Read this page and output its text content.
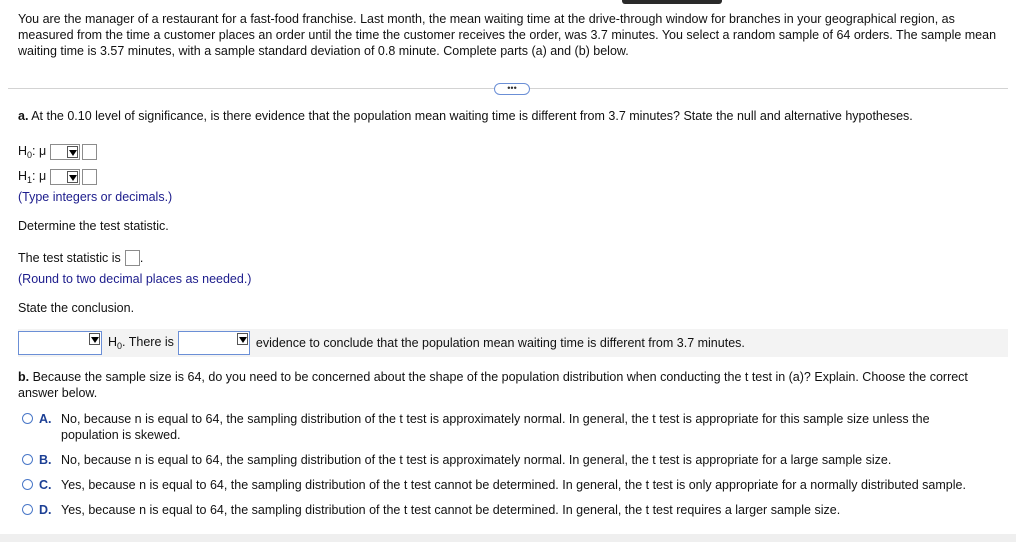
You are the manager of a restaurant for a fast-food franchise. Last month, the mean waiting time at the drive-through window for branches in your geographical region, as measured from the time a customer places an order until the time the customer receives the order, was 3.7 minutes. You select a random sample of 64 orders. The sample mean waiting time is 3.57 minutes, with a sample standard deviation of 0.8 minute. Complete parts (a) and (b) below.
•••
a. At the 0.10 level of significance, is there evidence that the population mean waiting time is different from 3.7 minutes? State the null and alternative hypotheses.
$H_0$: μ
$H_1$: μ
(Type integers or decimals.)
Determine the test statistic.
The test statistic is .
(Round to two decimal places as needed.)
State the conclusion.
$H_0$. There is	evidence to conclude that the population mean waiting time is different from 3.7 minutes.
b. Because the sample size is 64, do you need to be concerned about the shape of the population distribution when conducting the t test in (a)? Explain. Choose the correct answer below.
A. No, because n is equal to 64, the sampling distribution of the t test is approximately normal. In general, the t test is appropriate for this sample size unless the population is skewed.
B. No, because n is equal to 64, the sampling distribution of the t test is approximately normal. In general, the t test is appropriate for a large sample size.
C. Yes, because n is equal to 64, the sampling distribution of the t test cannot be determined. In general, the t test is only appropriate for a normally distributed sample.
D. Yes, because n is equal to 64, the sampling distribution of the t test cannot be determined. In general, the t test requires a larger sample size.
